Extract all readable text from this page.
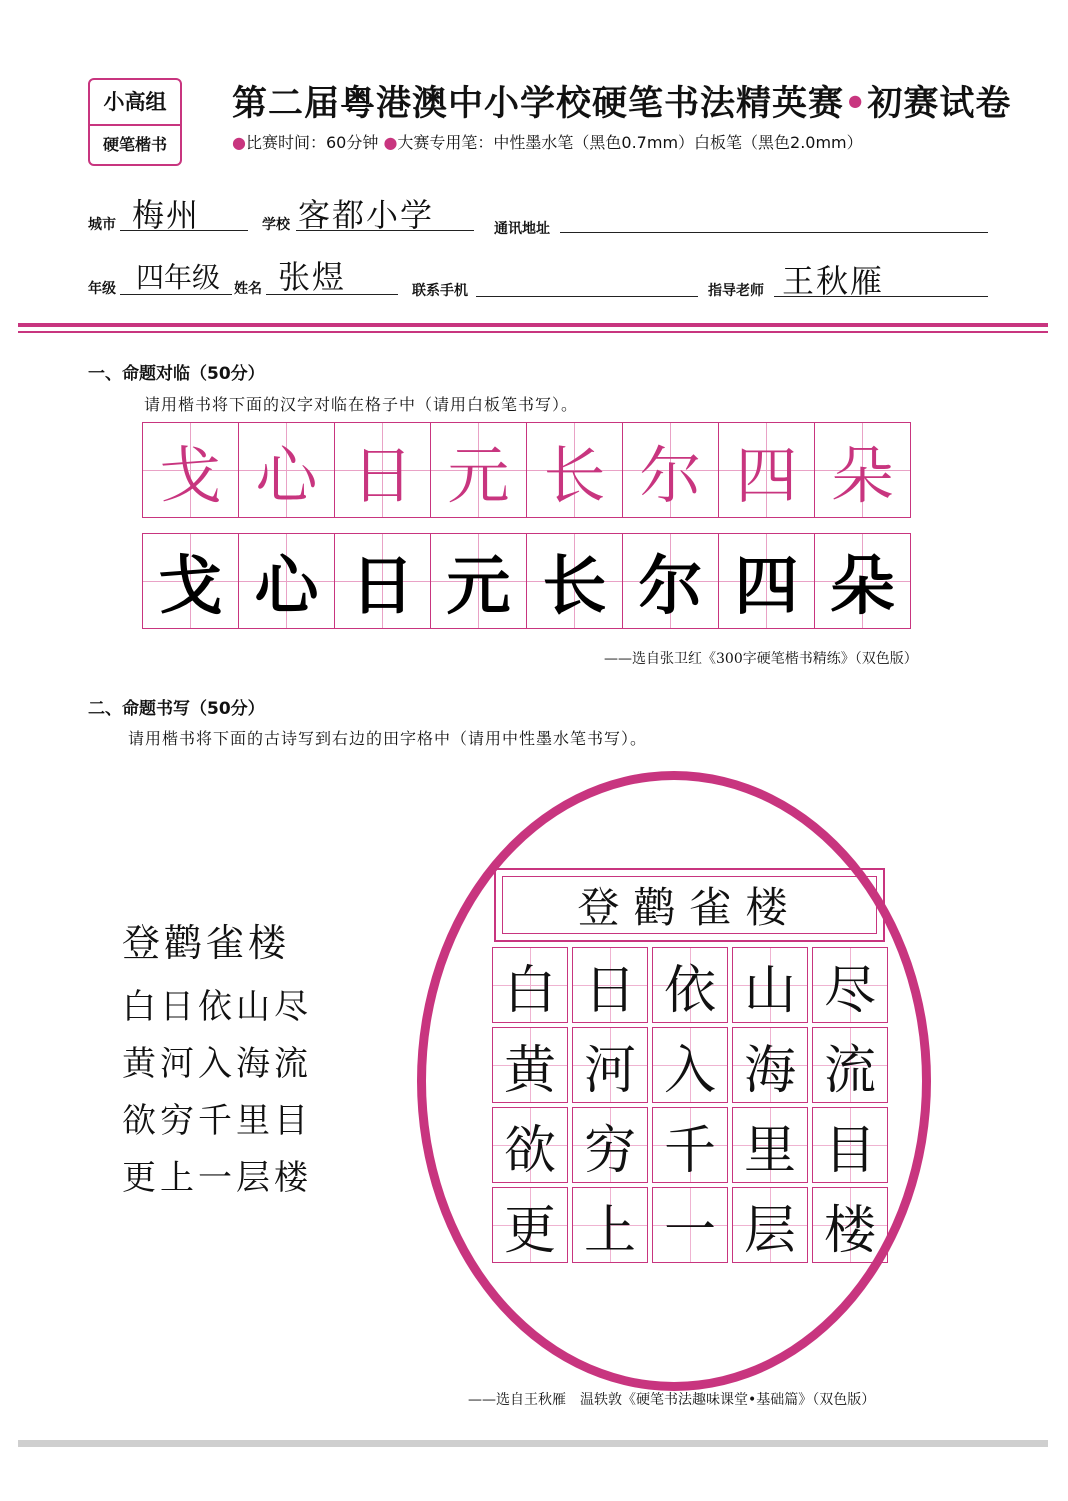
小高组
硬笔楷书
第二届粤港澳中小学校硬笔书法精英赛•初赛试卷
●比赛时间：60分钟 ●大赛专用笔：中性墨水笔（黑色0.7mm）白板笔（黑色2.0mm）
城市 梅州	学校 客都小学	通讯地址
年级 四年级 姓名 张煜	联系手机	指导老师 王秋雁
一、命题对临（50分）
请用楷书将下面的汉字对临在格子中（请用白板笔书写）。
戈 心 日 元 长 尔 四 朵
戈 心 日 元 长 尔 四 朵
——选自张卫红《300字硬笔楷书精练》（双色版）
二、命题书写（50分）
请用楷书将下面的古诗写到右边的田字格中（请用中性墨水笔书写）。
登鹳雀楼
白日依山尽
黄河入海流
欲穷千里目
更上一层楼
登鹳雀楼
白 日 依 山 尽
黄 河 入 海 流
欲 穷 千 里 目
更 上 一 层 楼
——选自王秋雁　温轶敦《硬笔书法趣味课堂•基础篇》（双色版）
